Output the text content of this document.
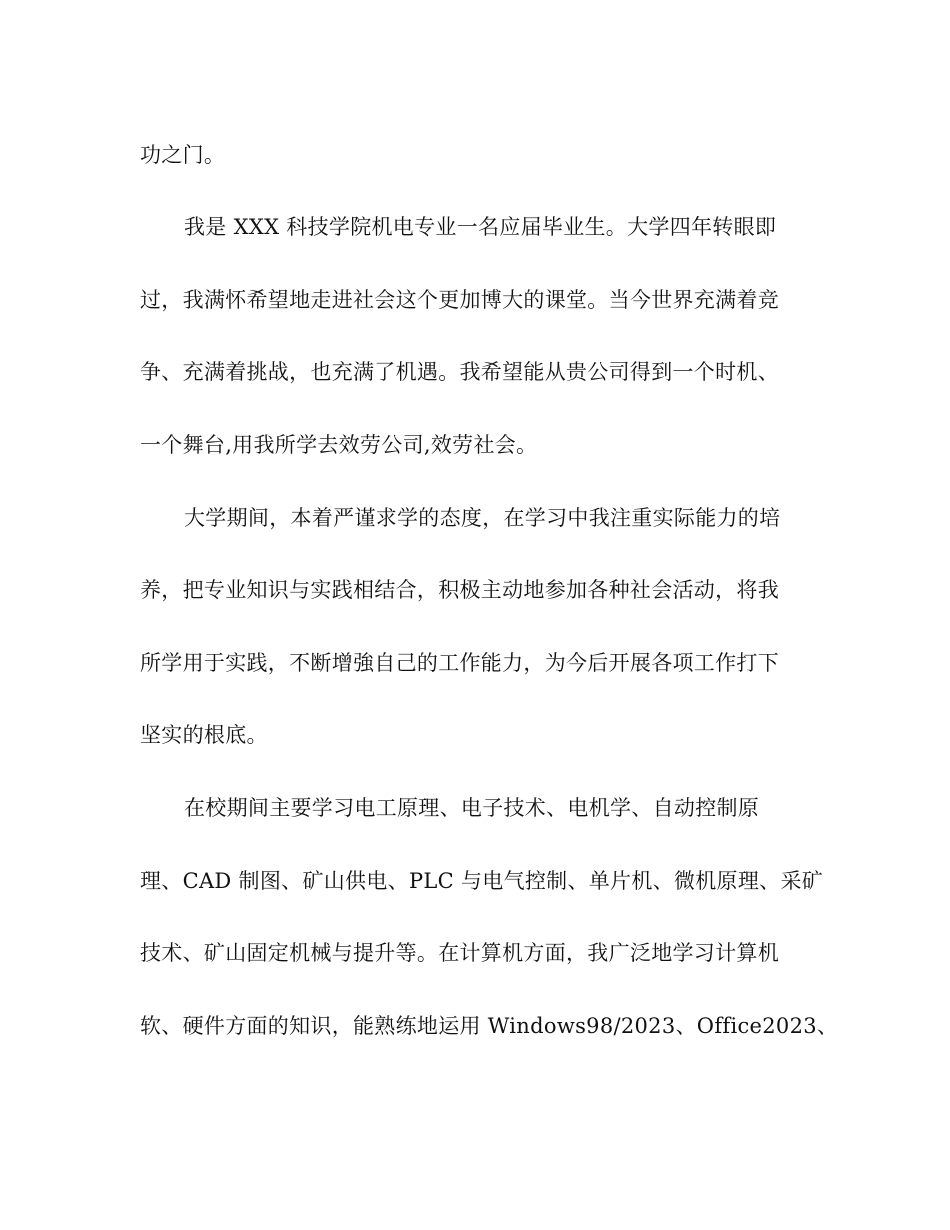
功之门。
我是 XXX 科技学院机电专业一名应届毕业生。大学四年转眼即
过，我满怀希望地走进社会这个更加博大的课堂。当今世界充满着竞
争、充满着挑战，也充满了机遇。我希望能从贵公司得到一个时机、
一个舞台,用我所学去效劳公司,效劳社会。
大学期间，本着严谨求学的态度，在学习中我注重实际能力的培
养，把专业知识与实践相结合，积极主动地参加各种社会活动，将我
所学用于实践，不断增強自己的工作能力，为今后开展各项工作打下
坚实的根底。
在校期间主要学习电工原理、电子技术、电机学、自动控制原
理、CAD 制图、矿山供电、PLC 与电气控制、单片机、微机原理、采矿
技术、矿山固定机械与提升等。在计算机方面，我广泛地学习计算机
软、硬件方面的知识，能熟练地运用 Windows98/2023、Office2023、
